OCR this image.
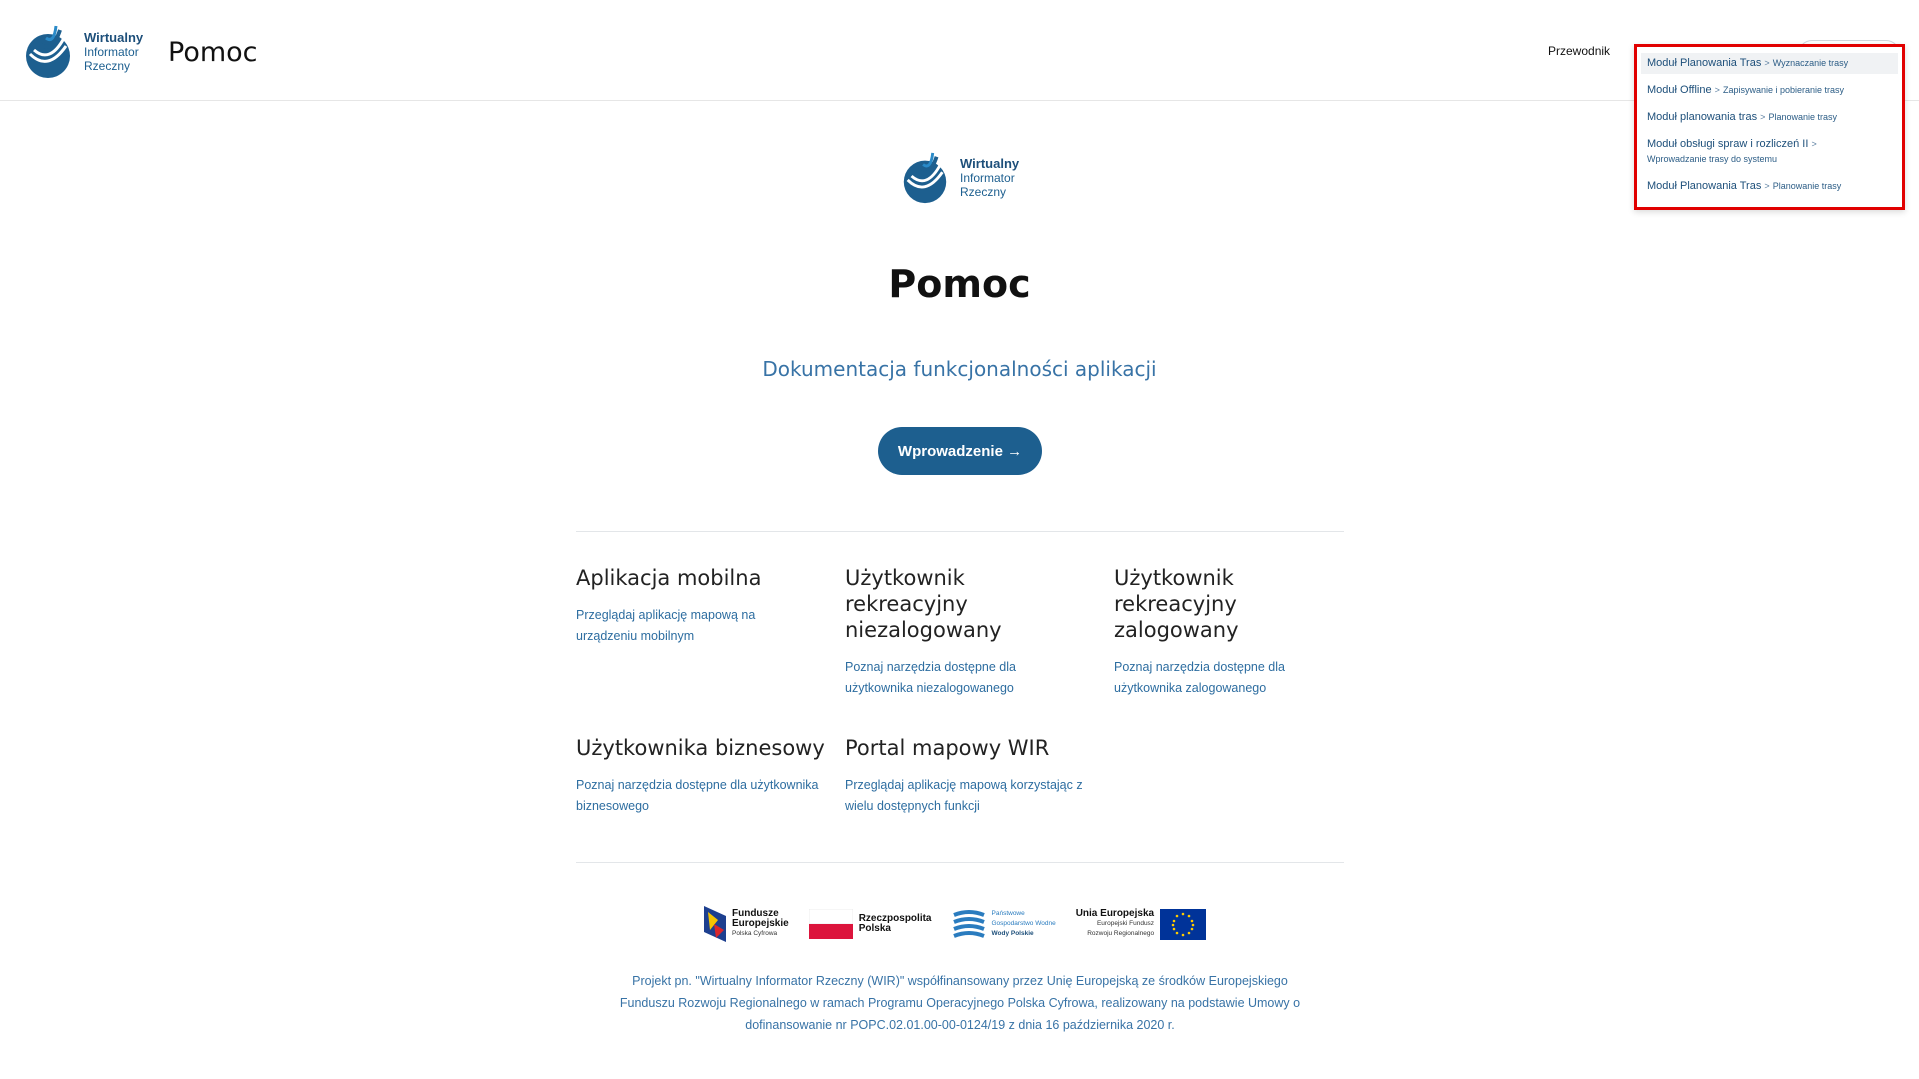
Wirtualny
Informator
Rzeczny	Pomoc	Przewodnik
Moduł Planowania Tras > Wyznaczanie trasy
Moduł Offline > Zapisywanie i pobieranie trasy
Moduł planowania tras > Planowanie trasy
Moduł obsługi spraw i rozliczeń II >
Wprowadzanie trasy do systemu
Moduł Planowania Tras > Planowanie trasy
Wirtualny
Informator
Rzeczny
Pomoc

Dokumentacja funkcjonalności aplikacji

Wprowadzenie →
Aplikacja mobilna
Przeglądaj aplikację mapową na urządzeniu mobilnym
Użytkownik rekreacyjny niezalogowany
Poznaj narzędzia dostępne dla użytkownika niezalogowanego
Użytkownik rekreacyjny zalogowany
Poznaj narzędzia dostępne dla użytkownika zalogowanego
Użytkownika biznesowy
Poznaj narzędzia dostępne dla użytkownika biznesowego
Portal mapowy WIR
Przeglądaj aplikację mapową korzystając z wielu dostępnych funkcji
Fundusze
Europejskie
Polska Cyfrowa
Rzeczpospolita
Polska
Państwowe
Gospodarstwo Wodne
Wody Polskie
Unia Europejska
Europejski Fundusz
Rozwoju Regionalnego

Projekt pn. "Wirtualny Informator Rzeczny (WIR)" współfinansowany przez Unię Europejską ze środków Europejskiego Funduszu Rozwoju Regionalnego w ramach Programu Operacyjnego Polska Cyfrowa, realizowany na podstawie Umowy o dofinansowanie nr POPC.02.01.00-00-0124/19 z dnia 16 października 2020 r.
